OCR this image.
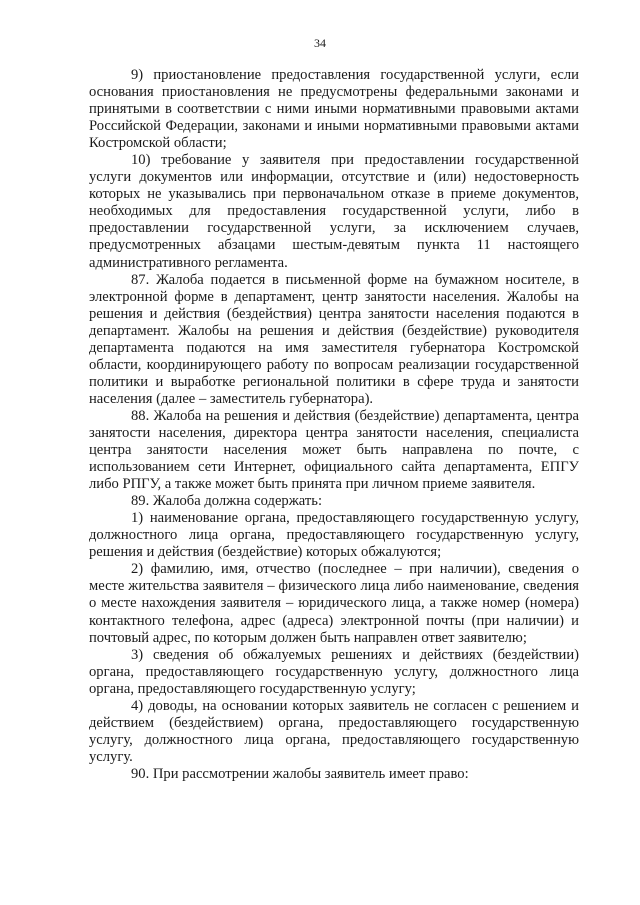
34

9) приостановление предоставления государственной услуги, если основания приостановления не предусмотрены федеральными законами и принятыми в соответствии с ними иными нормативными правовыми актами Российской Федерации, законами и иными нормативными правовыми актами Костромской области;

10) требование у заявителя при предоставлении государственной услуги документов или информации, отсутствие и (или) недостоверность которых не указывались при первоначальном отказе в приеме документов, необходимых для предоставления государственной услуги, либо в предоставлении государственной услуги, за исключением случаев, предусмотренных абзацами шестым-девятым пункта 11 настоящего административного регламента.

87. Жалоба подается в письменной форме на бумажном носителе, в электронной форме в департамент, центр занятости населения. Жалобы на решения и действия (бездействия) центра занятости населения подаются в департамент. Жалобы на решения и действия (бездействие) руководителя департамента подаются на имя заместителя губернатора Костромской области, координирующего работу по вопросам реализации государственной политики и выработке региональной политики в сфере труда и занятости населения (далее – заместитель губернатора).

88. Жалоба на решения и действия (бездействие) департамента, центра занятости населения, директора центра занятости населения, специалиста центра занятости населения может быть направлена по почте, с использованием сети Интернет, официального сайта департамента, ЕПГУ либо РПГУ, а также может быть принята при личном приеме заявителя.

89. Жалоба должна содержать:

1) наименование органа, предоставляющего государственную услугу, должностного лица органа, предоставляющего государственную услугу, решения и действия (бездействие) которых обжалуются;

2) фамилию, имя, отчество (последнее – при наличии), сведения о месте жительства заявителя – физического лица либо наименование, сведения о месте нахождения заявителя – юридического лица, а также номер (номера) контактного телефона, адрес (адреса) электронной почты (при наличии) и почтовый адрес, по которым должен быть направлен ответ заявителю;

3) сведения об обжалуемых решениях и действиях (бездействии) органа, предоставляющего государственную услугу, должностного лица органа, предоставляющего государственную услугу;

4) доводы, на основании которых заявитель не согласен с решением и действием (бездействием) органа, предоставляющего государственную услугу, должностного лица органа, предоставляющего государственную услугу.

90. При рассмотрении жалобы заявитель имеет право:
